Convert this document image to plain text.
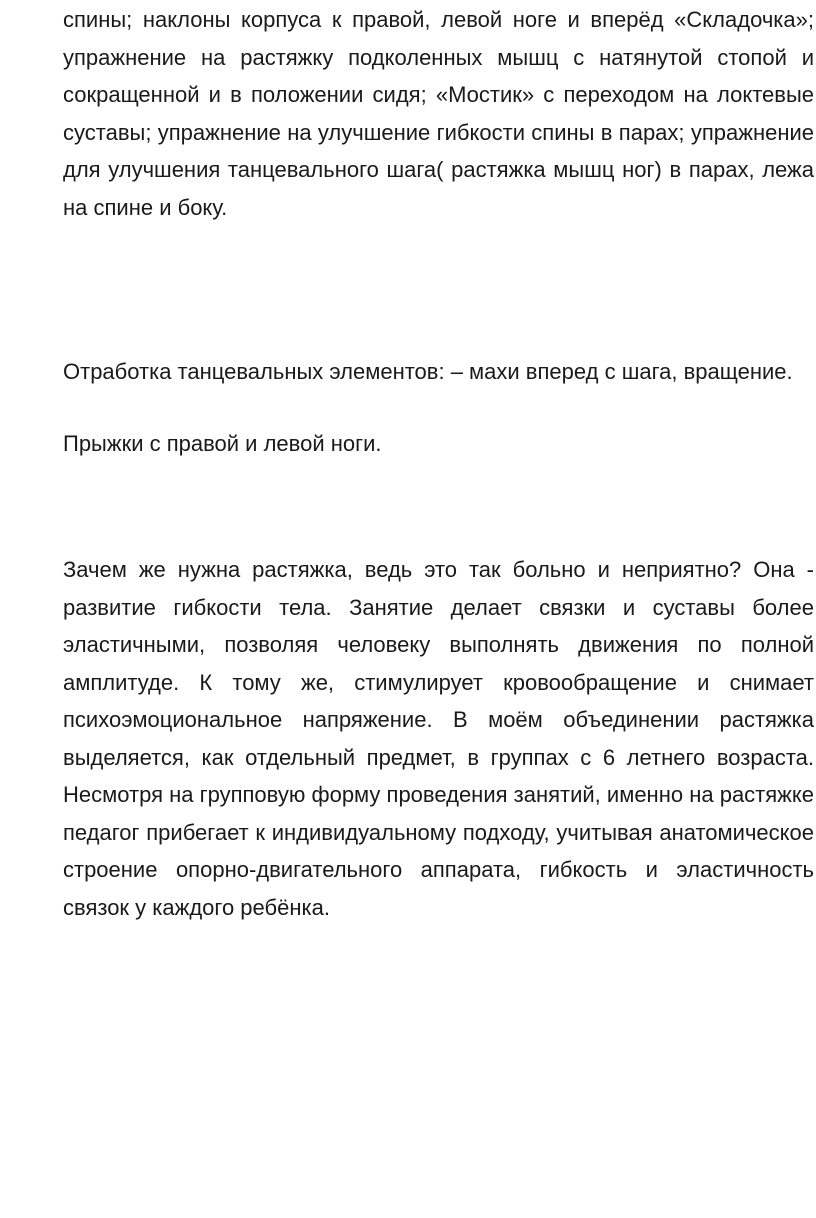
спины; наклоны корпуса к правой, левой ноге и вперёд «Складочка»; упражнение на растяжку подколенных мышц с натянутой стопой и сокращенной и в положении сидя; «Мостик» с переходом на локтевые суставы; упражнение на улучшение гибкости спины в парах; упражнение для улучшения танцевального шага( растяжка мышц ног) в парах, лежа на спине и боку.

Отработка танцевальных элементов: – махи вперед с шага, вращение.

Прыжки с правой и левой ноги.

Зачем же нужна растяжка, ведь это так больно и неприятно? Она - развитие гибкости тела. Занятие делает связки и суставы более эластичными, позволяя человеку выполнять движения по полной амплитуде. К тому же, стимулирует кровообращение и снимает психоэмоциональное напряжение. В моём объединении растяжка выделяется, как отдельный предмет, в группах с 6 летнего возраста. Несмотря на групповую форму проведения занятий, именно на растяжке педагог прибегает к индивидуальному подходу, учитывая анатомическое строение опорно-двигательного аппарата, гибкость и эластичность связок у каждого ребёнка.
